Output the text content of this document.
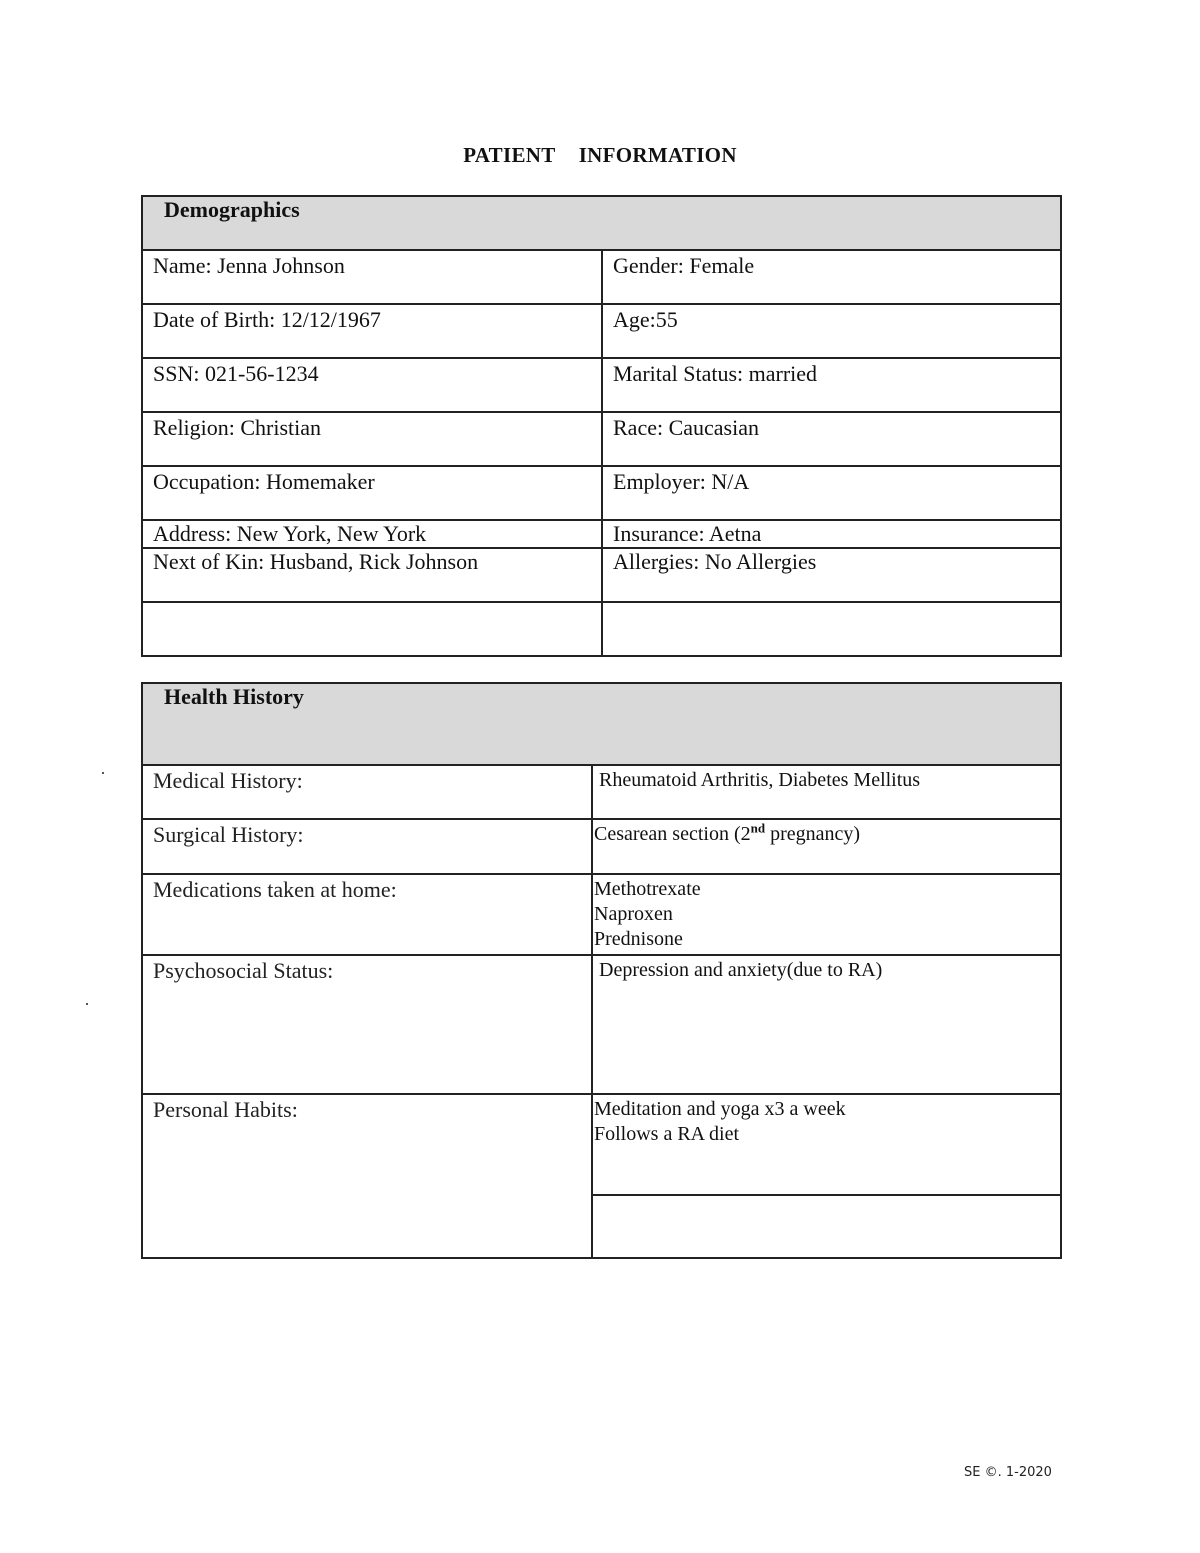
PATIENT INFORMATION
Demographics	
Name: Jenna Johnson	Gender: Female
Date of Birth: 12/12/1967	Age:55
SSN: 021-56-1234	Marital Status: married
Religion: Christian	Race: Caucasian
Occupation: Homemaker	Employer: N/A
Address: New York, New York	Insurance: Aetna
Next of Kin: Husband, Rick Johnson	Allergies: No Allergies

Health History	
Medical History:	Rheumatoid Arthritis, Diabetes Mellitus
Surgical History:	Cesarean section (2nd pregnancy)
Medications taken at home:	Methotrexate
Naproxen
Prednisone

Psychosocial Status:	Depression and anxiety(due to RA)
Personal Habits:	Meditation and yoga x3 a week
Follows a RA diet

SE ©. 1-2020
